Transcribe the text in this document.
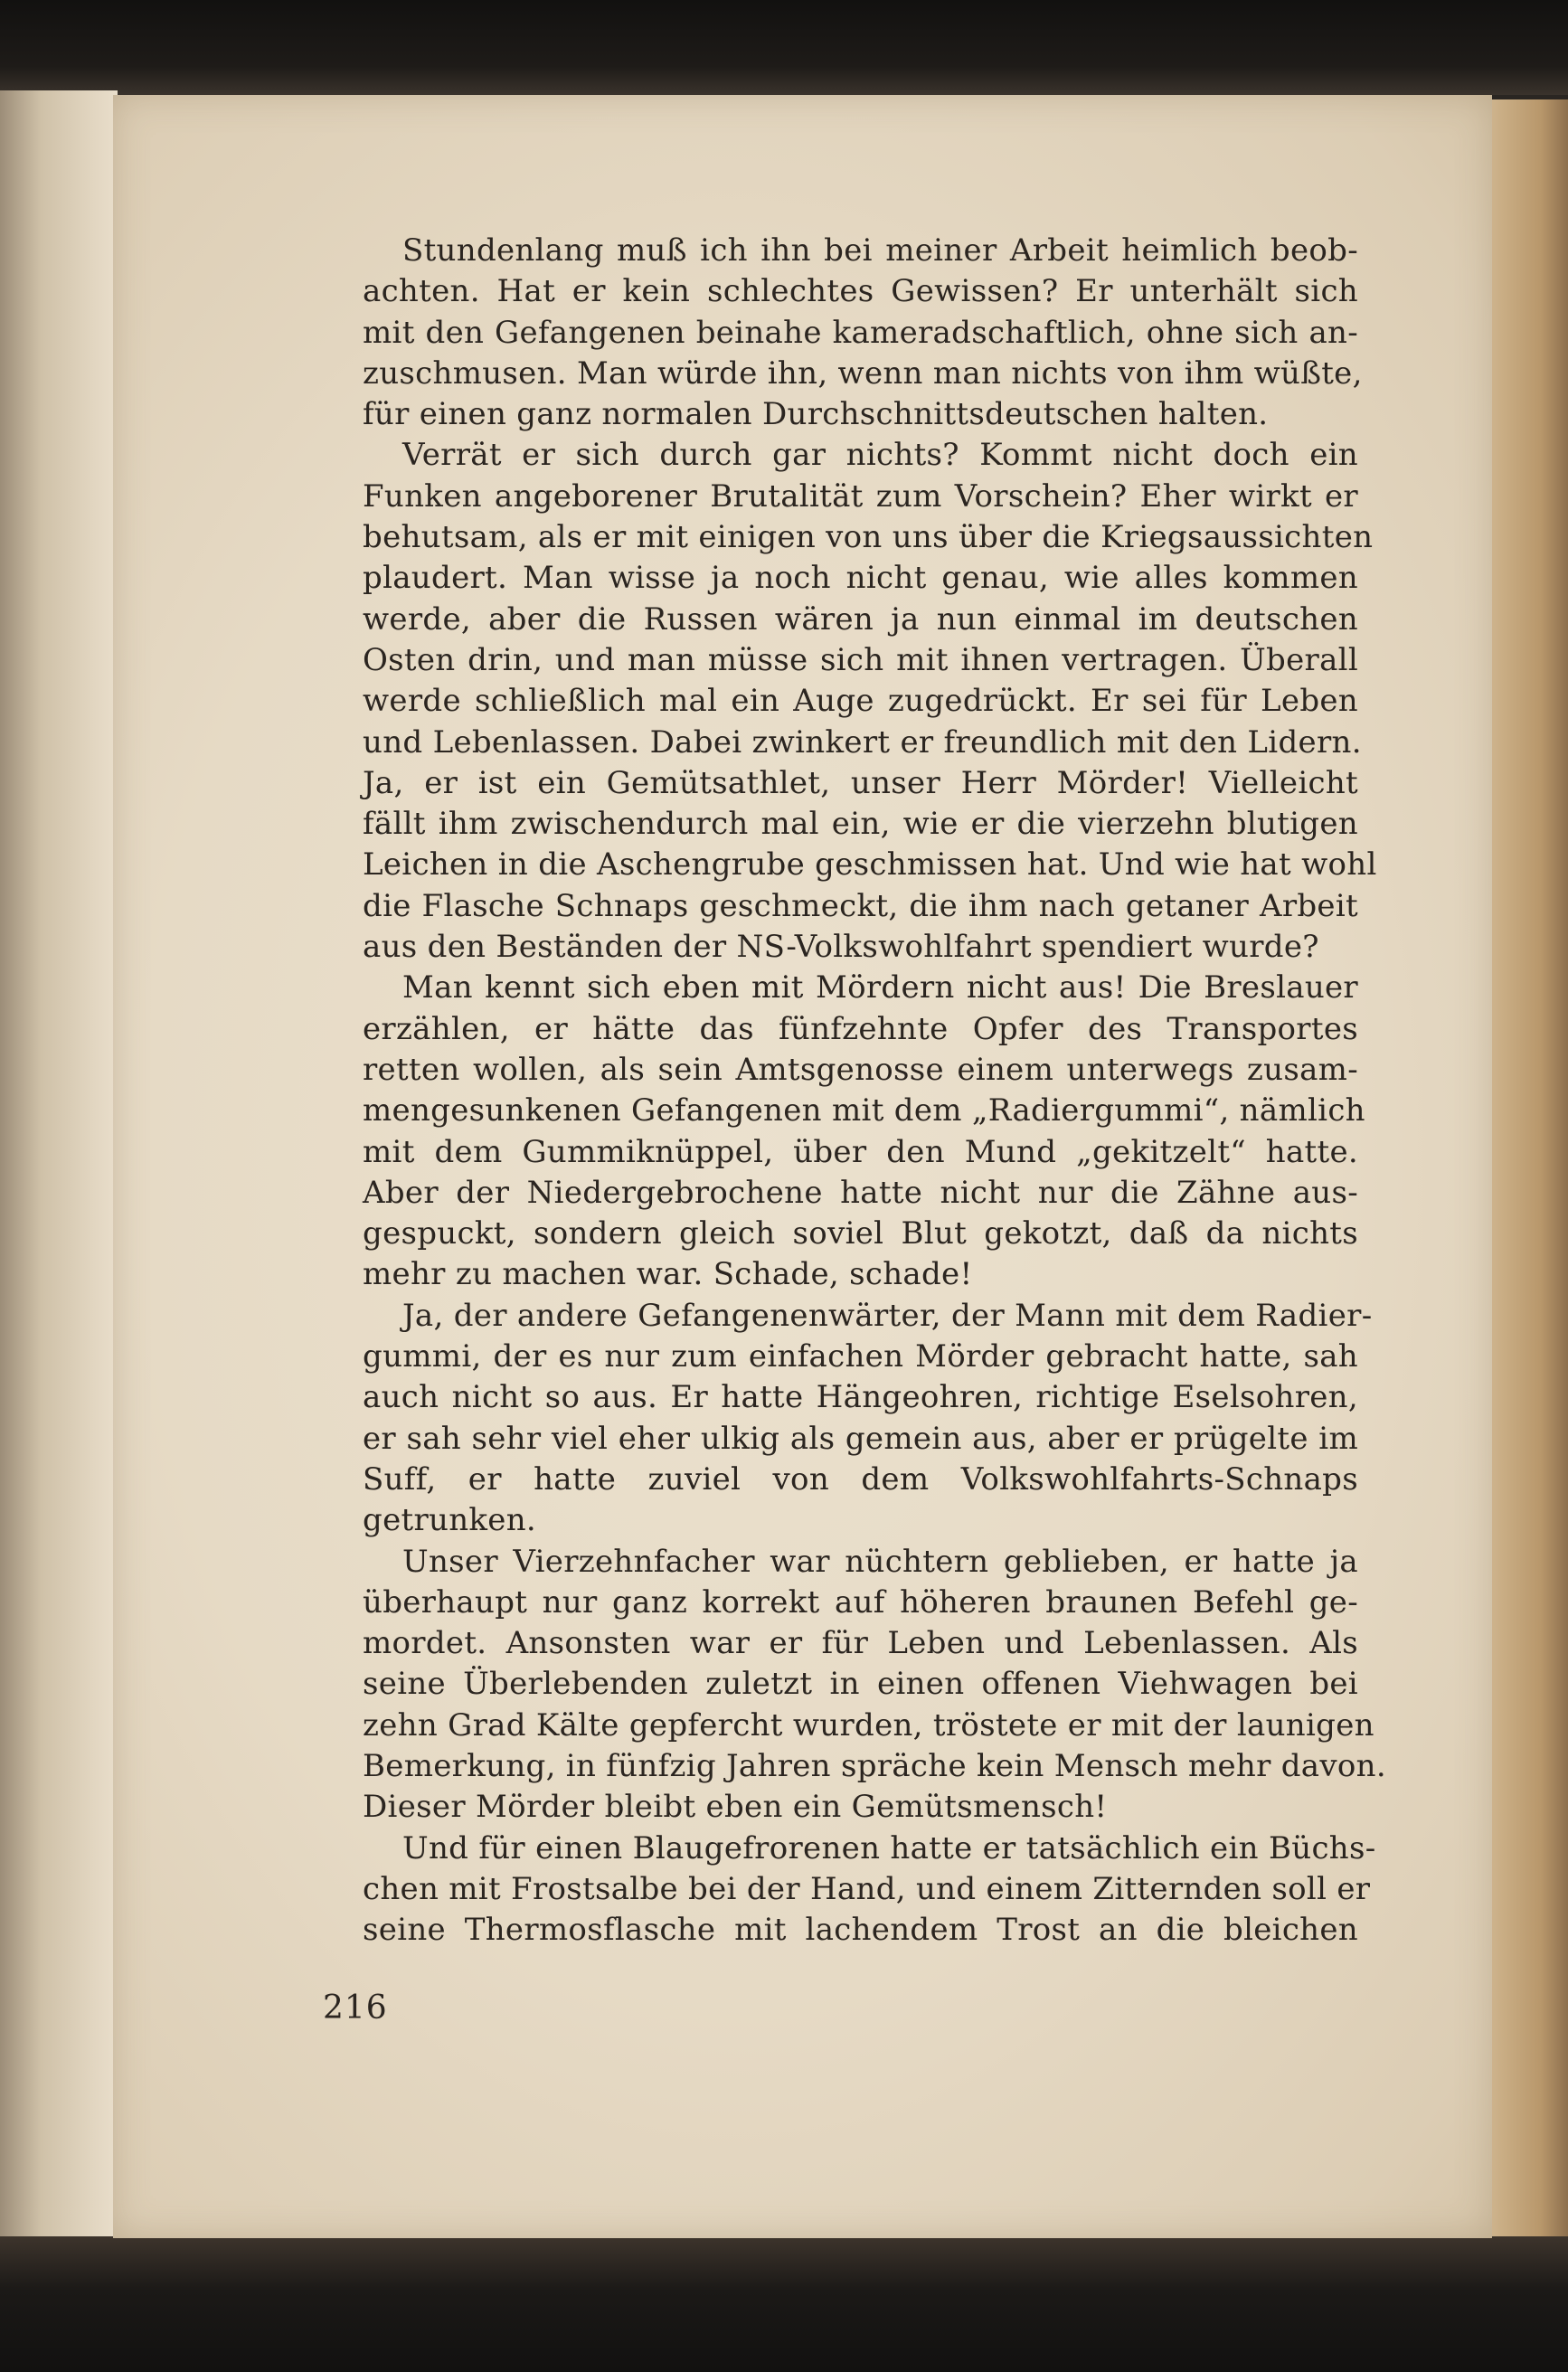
Stundenlang muß ich ihn bei meiner Arbeit heimlich beob-
achten. Hat er kein schlechtes Gewissen? Er unterhält sich
mit den Gefangenen beinahe kameradschaftlich, ohne sich an-
zuschmusen. Man würde ihn, wenn man nichts von ihm wüßte,
für einen ganz normalen Durchschnittsdeutschen halten.

Verrät er sich durch gar nichts? Kommt nicht doch ein
Funken angeborener Brutalität zum Vorschein? Eher wirkt er
behutsam, als er mit einigen von uns über die Kriegsaussichten
plaudert. Man wisse ja noch nicht genau, wie alles kommen
werde, aber die Russen wären ja nun einmal im deutschen
Osten drin, und man müsse sich mit ihnen vertragen. Überall
werde schließlich mal ein Auge zugedrückt. Er sei für Leben
und Lebenlassen. Dabei zwinkert er freundlich mit den Lidern.
Ja, er ist ein Gemütsathlet, unser Herr Mörder! Vielleicht
fällt ihm zwischendurch mal ein, wie er die vierzehn blutigen
Leichen in die Aschengrube geschmissen hat. Und wie hat wohl
die Flasche Schnaps geschmeckt, die ihm nach getaner Arbeit
aus den Beständen der NS-Volkswohlfahrt spendiert wurde?

Man kennt sich eben mit Mördern nicht aus! Die Breslauer
erzählen, er hätte das fünfzehnte Opfer des Transportes
retten wollen, als sein Amtsgenosse einem unterwegs zusam-
mengesunkenen Gefangenen mit dem „Radiergummi“, nämlich
mit dem Gummiknüppel, über den Mund „gekitzelt“ hatte.
Aber der Niedergebrochene hatte nicht nur die Zähne aus-
gespuckt, sondern gleich soviel Blut gekotzt, daß da nichts
mehr zu machen war. Schade, schade!

Ja, der andere Gefangenenwärter, der Mann mit dem Radier-
gummi, der es nur zum einfachen Mörder gebracht hatte, sah
auch nicht so aus. Er hatte Hängeohren, richtige Eselsohren,
er sah sehr viel eher ulkig als gemein aus, aber er prügelte im
Suff, er hatte zuviel von dem Volkswohlfahrts-Schnaps
getrunken.

Unser Vierzehnfacher war nüchtern geblieben, er hatte ja
überhaupt nur ganz korrekt auf höheren braunen Befehl ge-
mordet. Ansonsten war er für Leben und Lebenlassen. Als
seine Überlebenden zuletzt in einen offenen Viehwagen bei
zehn Grad Kälte gepfercht wurden, tröstete er mit der launigen
Bemerkung, in fünfzig Jahren spräche kein Mensch mehr davon.
Dieser Mörder bleibt eben ein Gemütsmensch!

Und für einen Blaugefrorenen hatte er tatsächlich ein Büchs-
chen mit Frostsalbe bei der Hand, und einem Zitternden soll er
seine Thermosflasche mit lachendem Trost an die bleichen

216
